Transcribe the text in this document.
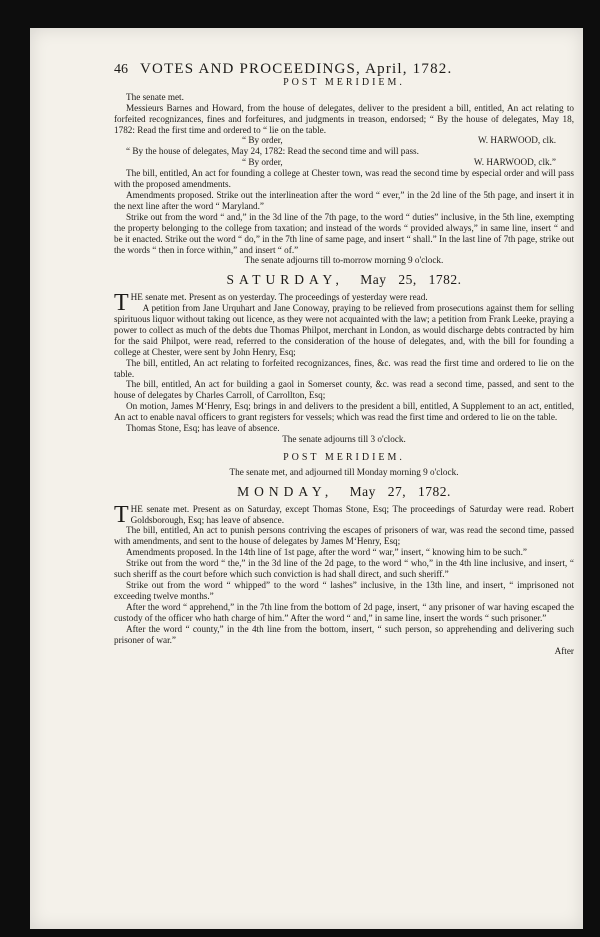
46 VOTES AND PROCEEDINGS, April, 1782.
POST MERIDIEM.

The senate met.

Messieurs Barnes and Howard, from the house of delegates, deliver to the president a bill, entitled, An act relating to forfeited recognizances, fines and forfeitures, and judgments in treason, endorsed; “ By the house of delegates, May 18, 1782: Read the first time and ordered to “ lie on the table.

“ By order,	W. HARWOOD, clk.

“ By the house of delegates, May 24, 1782: Read the second time and will pass.

“ By order,	W. HARWOOD, clk.”

The bill, entitled, An act for founding a college at Chester town, was read the second time by especial order and will pass with the proposed amendments.

Amendments proposed. Strike out the interlineation after the word “ ever,” in the 2d line of the 5th page, and insert it in the next line after the word “ Maryland.”

Strike out from the word “ and,” in the 3d line of the 7th page, to the word “ duties” inclusive, in the 5th line, exempting the property belonging to the college from taxation; and instead of the words “ provided always,” in same line, insert “ and be it enacted. Strike out the word “ do,” in the 7th line of same page, and insert “ shall.” In the last line of 7th page, strike out the words “ then in force within,” and insert “ of.”

The senate adjourns till to-morrow morning 9 o'clock.

SATURDAY, May 25, 1782.

THE senate met. Present as on yesterday. The proceedings of yesterday were read.

A petition from Jane Urquhart and Jane Conoway, praying to be relieved from prosecutions against them for selling spirituous liquor without taking out licence, as they were not acquainted with the law; a petition from Frank Leeke, praying a power to collect as much of the debts due Thomas Philpot, merchant in London, as would discharge debts contracted by him for the said Philpot, were read, referred to the consideration of the house of delegates, and, with the bill for founding a college at Chester, were sent by John Henry, Esq;

The bill, entitled, An act relating to forfeited recognizances, fines, &c. was read the first time and ordered to lie on the table.

The bill, entitled, An act for building a gaol in Somerset county, &c. was read a second time, passed, and sent to the house of delegates by Charles Carroll, of Carrollton, Esq;

On motion, James M‘Henry, Esq; brings in and delivers to the president a bill, entitled, A Supplement to an act, entitled, An act to enable naval officers to grant registers for vessels; which was read the first time and ordered to lie on the table.

Thomas Stone, Esq; has leave of absence.

The senate adjourns till 3 o'clock.

POST MERIDIEM.

The senate met, and adjourned till Monday morning 9 o'clock.

MONDAY, May 27, 1782.

THE senate met. Present as on Saturday, except Thomas Stone, Esq; The proceedings of Saturday were read. Robert Goldsborough, Esq; has leave of absence.

The bill, entitled, An act to punish persons contriving the escapes of prisoners of war, was read the second time, passed with amendments, and sent to the house of delegates by James M‘Henry, Esq;

Amendments proposed. In the 14th line of 1st page, after the word “ war,” insert, “ knowing him to be such.”

Strike out from the word “ the,” in the 3d line of the 2d page, to the word “ who,” in the 4th line inclusive, and insert, “ such sheriff as the court before which such conviction is had shall direct, and such sheriff.”

Strike out from the word “ whipped” to the word “ lashes” inclusive, in the 13th line, and insert, “ imprisoned not exceeding twelve months.”

After the word “ apprehend,” in the 7th line from the bottom of 2d page, insert, “ any prisoner of war having escaped the custody of the officer who hath charge of him.” After the word “ and,” in same line, insert the words “ such prisoner.”

After the word “ county,” in the 4th line from the bottom, insert, “ such person, so apprehending and delivering such prisoner of war.”

After
